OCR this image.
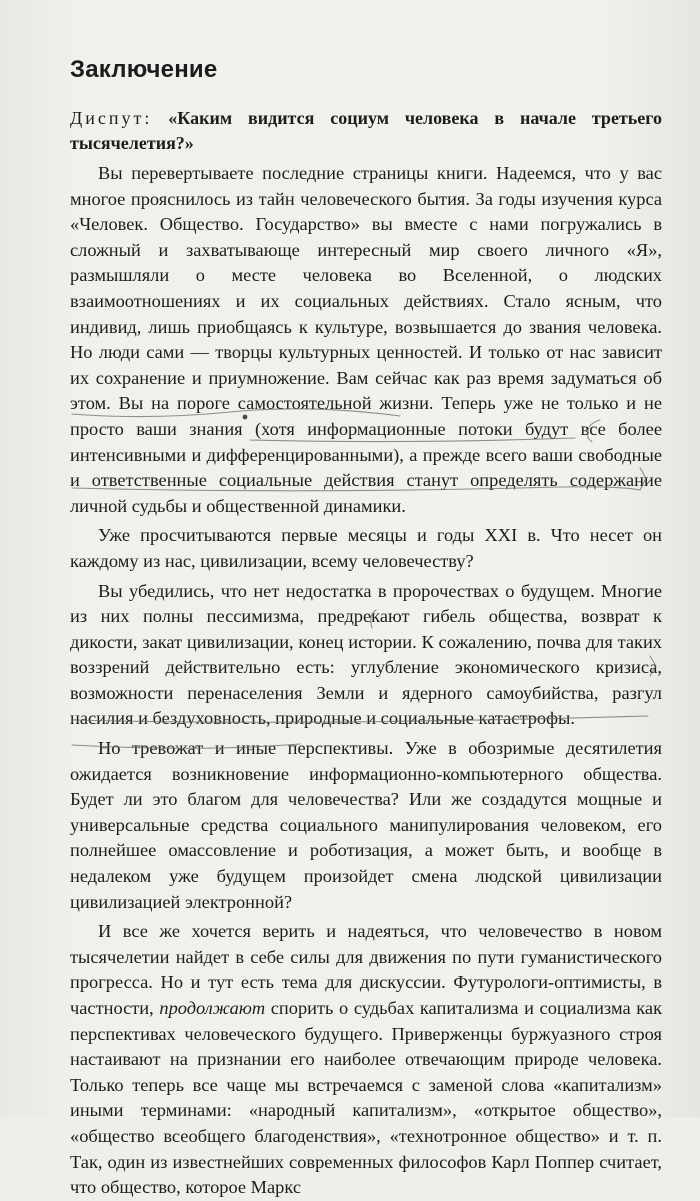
Заключение
Диспут: «Каким видится социум человека в начале третьего тысячелетия?»

Вы перевертываете последние страницы книги. Надеемся, что у вас многое прояснилось из тайн человеческого бытия. За годы изучения курса «Человек. Общество. Государство» вы вместе с нами погружались в сложный и захватывающе интересный мир своего личного «Я», размышляли о месте человека во Вселенной, о людских взаимоотношениях и их социальных действиях. Стало ясным, что индивид, лишь приобщаясь к культуре, возвышается до звания человека. Но люди сами — творцы культурных ценностей. И только от нас зависит их сохранение и приумножение. Вам сейчас как раз время задуматься об этом. Вы на пороге самостоятельной жизни. Теперь уже не только и не просто ваши знания (хотя информационные потоки будут все более интенсивными и дифференцированными), а прежде всего ваши свободные и ответственные социальные действия станут определять содержание личной судьбы и общественной динамики.

Уже просчитываются первые месяцы и годы XXI в. Что несет он каждому из нас, цивилизации, всему человечеству?

Вы убедились, что нет недостатка в пророчествах о будущем. Многие из них полны пессимизма, предрекают гибель общества, возврат к дикости, закат цивилизации, конец истории. К сожалению, почва для таких воззрений действительно есть: углубление экономического кризиса, возможности перенаселения Земли и ядерного самоубийства, разгул насилия и бездуховность, природные и социальные катастрофы.

Но тревожат и иные перспективы. Уже в обозримые десятилетия ожидается возникновение информационно-компьютерного общества. Будет ли это благом для человечества? Или же создадутся мощные и универсальные средства социального манипулирования человеком, его полнейшее омассовление и роботизация, а может быть, и вообще в недалеком уже будущем произойдет смена людской цивилизации цивилизацией электронной?

И все же хочется верить и надеяться, что человечество в новом тысячелетии найдет в себе силы для движения по пути гуманистического прогресса. Но и тут есть тема для дискуссии. Футурологи-оптимисты, в частности, продолжают спорить о судьбах капитализма и социализма как перспективах человеческого будущего. Приверженцы буржуазного строя настаивают на признании его наиболее отвечающим природе человека. Только теперь все чаще мы встречаемся с заменой слова «капитализм» иными терминами: «народный капитализм», «открытое общество», «общество всеобщего благоденствия», «технотронное общество» и т. п. Так, один из известнейших современных философов Карл Поппер считает, что общество, которое Маркс
